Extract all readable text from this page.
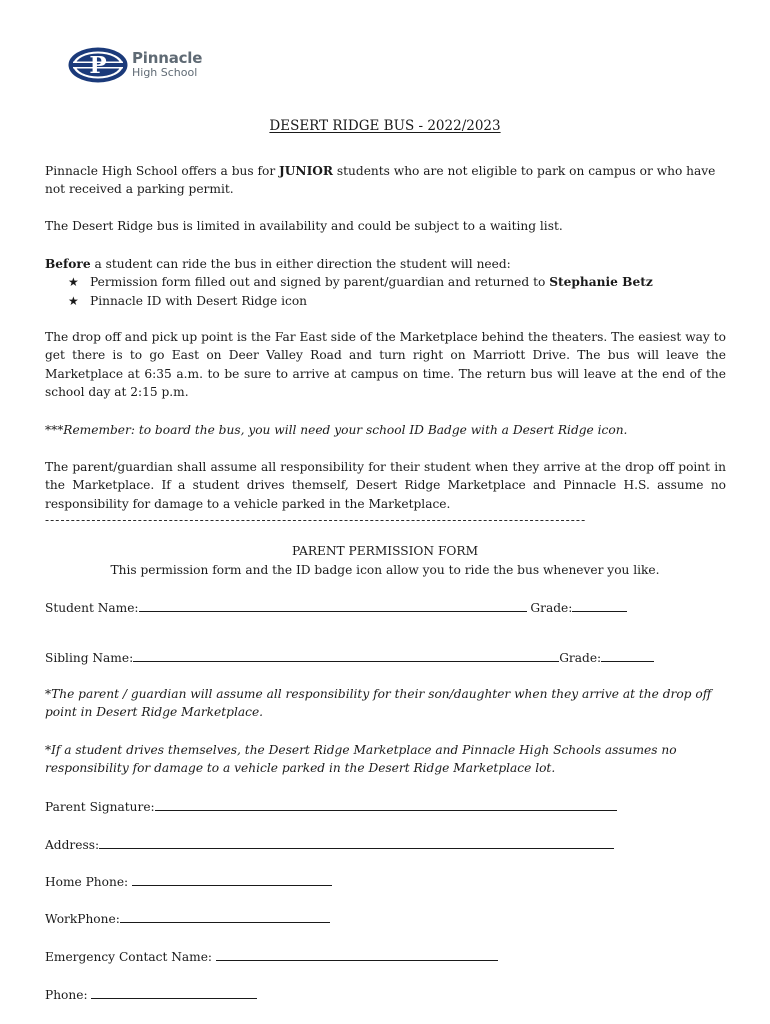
P Pinnacle
High School
DESERT RIDGE BUS - 2022/2023
Pinnacle High School offers a bus for JUNIOR students who are not eligible to park on campus or who have not received a parking permit.
The Desert Ridge bus is limited in availability and could be subject to a waiting list.
Before a student can ride the bus in either direction the student will need:
★ Permission form filled out and signed by parent/guardian and returned to Stephanie Betz
★ Pinnacle ID with Desert Ridge icon
The drop off and pick up point is the Far East side of the Marketplace behind the theaters. The easiest way to get there is to go East on Deer Valley Road and turn right on Marriott Drive. The bus will leave the Marketplace at 6:35 a.m. to be sure to arrive at campus on time. The return bus will leave at the end of the school day at 2:15 p.m.
***Remember: to board the bus, you will need your school ID Badge with a Desert Ridge icon.
The parent/guardian shall assume all responsibility for their student when they arrive at the drop off point in the Marketplace. If a student drives themself, Desert Ridge Marketplace and Pinnacle H.S. assume no responsibility for damage to a vehicle parked in the Marketplace.
---------------------------------------------------------------------------------------------------------
PARENT PERMISSION FORM
This permission form and the ID badge icon allow you to ride the bus whenever you like.
Student Name:	Grade:
Sibling Name:	Grade:
*The parent / guardian will assume all responsibility for their son/daughter when they arrive at the drop off point in Desert Ridge Marketplace.
*If a student drives themselves, the Desert Ridge Marketplace and Pinnacle High Schools assumes no responsibility for damage to a vehicle parked in the Desert Ridge Marketplace lot.
Parent Signature:
Address:
Home Phone:
WorkPhone:
Emergency Contact Name:
Phone:
